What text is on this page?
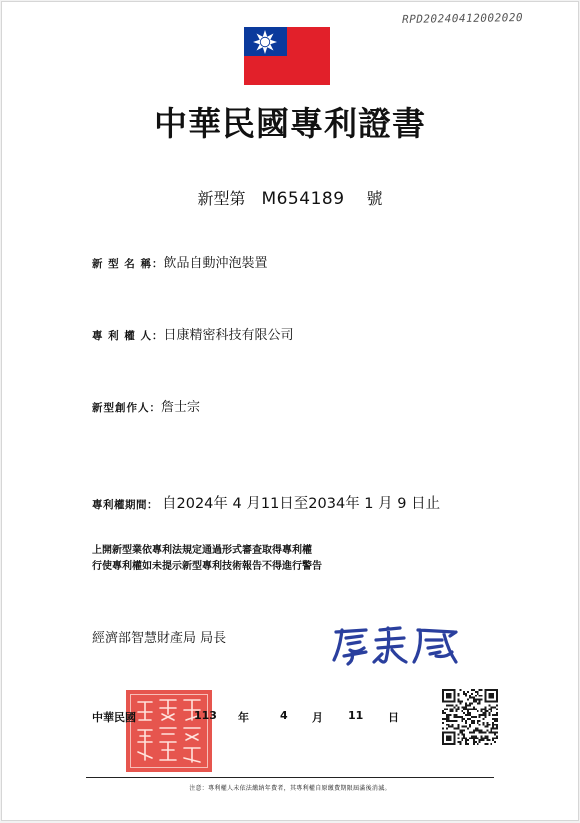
RPD20240412002020
中華民國專利證書
新型第 M654189 號
新 型 名 稱：飲品自動沖泡裝置
專 利 權 人：日康精密科技有限公司
新型創作人：詹士宗
專利權期間： 自2024年 4 月11日至2034年 1 月 9 日止
上開新型業依專利法規定通過形式審查取得專利權
行使專利權如未提示新型專利技術報告不得進行警告
經濟部智慧財產局 局長
中華民國	113 年	4 月 11 日
注意：專利權人未依法繳納年費者，其專利權自原繳費期限屆滿後消滅。
